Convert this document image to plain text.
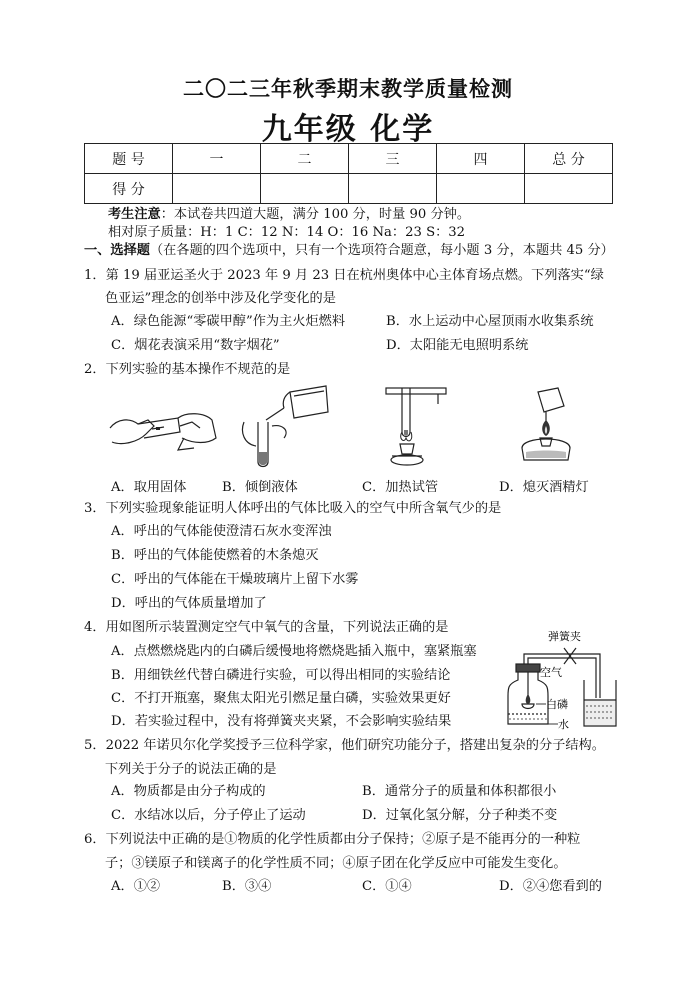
二〇二三年秋季期末教学质量检测
九年级 化学
题 号	一	二	三	四	总 分
得 分					
考生注意：本试卷共四道大题，满分 100 分，时量 90 分钟。
相对原子质量：H：1 C：12 N：14 O：16 Na：23 S：32
一、选择题（在各题的四个选项中，只有一个选项符合题意，每小题 3 分，本题共 45 分）
1．第 19 届亚运圣火于 2023 年 9 月 23 日在杭州奥体中心主体育场点燃。下列落实“绿
色亚运”理念的创举中涉及化学变化的是
A．绿色能源“零碳甲醇”作为主火炬燃料	B．水上运动中心屋顶雨水收集系统
C．烟花表演采用“数字烟花”	D．太阳能无电照明系统
2．下列实验的基本操作不规范的是
A．取用固体	B．倾倒液体	C．加热试管	D．熄灭酒精灯
3．下列实验现象能证明人体呼出的气体比吸入的空气中所含氧气少的是
A．呼出的气体能使澄清石灰水变浑浊
B．呼出的气体能使燃着的木条熄灭
C．呼出的气体能在干燥玻璃片上留下水雾
D．呼出的气体质量增加了
4．用如图所示装置测定空气中氧气的含量，下列说法正确的是
A．点燃燃烧匙内的白磷后缓慢地将燃烧匙插入瓶中，塞紧瓶塞
B．用细铁丝代替白磷进行实验，可以得出相同的实验结论
C．不打开瓶塞，聚焦太阳光引燃足量白磷，实验效果更好
D．若实验过程中，没有将弹簧夹夹紧，不会影响实验结果
弹簧夹
空气
白磷
水
5．2022 年诺贝尔化学奖授予三位科学家，他们研究功能分子，搭建出复杂的分子结构。
下列关于分子的说法正确的是
A．物质都是由分子构成的	B．通常分子的质量和体积都很小
C．水结冰以后，分子停止了运动	D．过氧化氢分解，分子种类不变
6．下列说法中正确的是①物质的化学性质都由分子保持；②原子是不能再分的一种粒
子；③镁原子和镁离子的化学性质不同；④原子团在化学反应中可能发生变化。
A．①②	B．③④	C．①④	D．②④您看到的
